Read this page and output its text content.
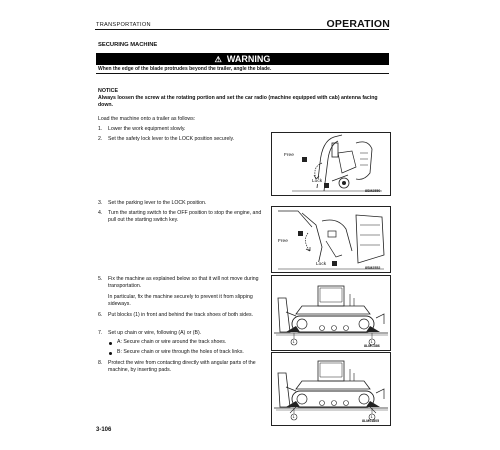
TRANSPORTATION	OPERATION
SECURING MACHINE
⚠ WARNING
When the edge of the blade protrudes beyond the trailer, angle the blade.
NOTICE
Always loosen the screw at the rotating portion and set the car radio (machine equipped with cab) antenna facing down.
Load the machine onto a trailer as follows:
1. Lower the work equipment slowly.
2. Set the safety lock lever to the LOCK position securely.
Free
Lock
8SM2550
3. Set the parking lever to the LOCK position.
4. Turn the starting switch to the OFF position to stop the engine, and pull out the starting switch key.
Free
Lock
8SM2552
5. Fix the machine as explained below so that it will not move during transportation.
In particular, fix the machine securely to prevent it from slipping sideways.
6. Put blocks (1) in front and behind the track shoes of both sides.
7. Set up chain or wire, following (A) or (B).
A: Secure chain or wire around the track shoes.
B: Secure chain or wire through the holes of track links.
8. Protect the wire from contacting directly with angular parts of the machine, by inserting pads.
1	1
8LMC386
1	1
8LM01805
3-106
